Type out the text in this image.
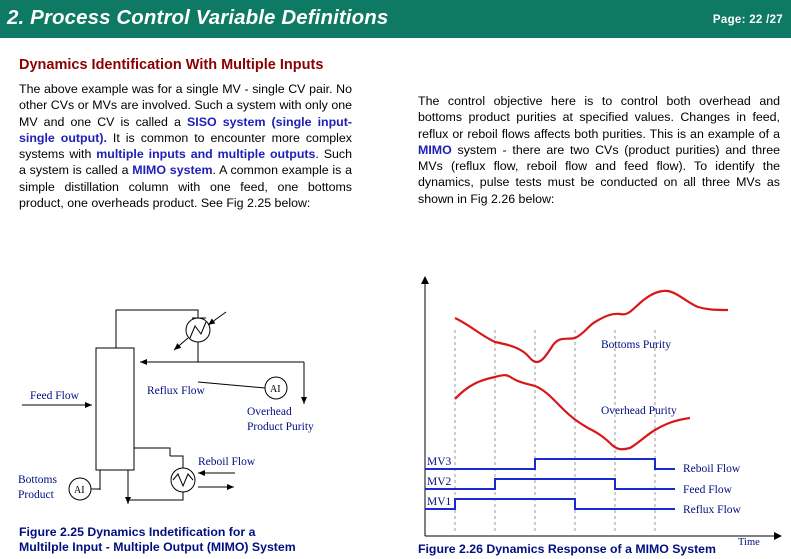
2. Process Control Variable Definitions	Page: 22 /27
Dynamics Identification With Multiple Inputs
The above example was for a single MV - single CV pair. No other CVs or MVs are involved. Such a system with only one MV and one CV is called a SISO system (single input- single output). It is common to encounter more complex systems with multiple inputs and multiple outputs. Such a system is called a MIMO system. A common example is a simple distillation column with one feed, one bottoms product, one overheads product. See Fig 2.25 below:
The control objective here is to control both overhead and bottoms product purities at specified values. Changes in feed, reflux or reboil flows affects both purities. This is an example of a MIMO system - there are two CVs (product purities) and three MVs (reflux flow, reboil flow and feed flow). To identify the dynamics, pulse tests must be conducted on all three MVs as shown in Fig 2.26 below:
AI
Feed Flow	Reflux Flow
Overhead
Product Purity
Reboil Flow
AI
Bottoms
Product
Figure 2.25 Dynamics Indetification for a
Multilple Input - Multiple Output (MIMO) System
Bottoms Purity
Overhead Purity
MV3
MV2
MV1
Reboil Flow
Feed Flow
Reflux Flow
Time
Figure 2.26 Dynamics Response of a MIMO System
